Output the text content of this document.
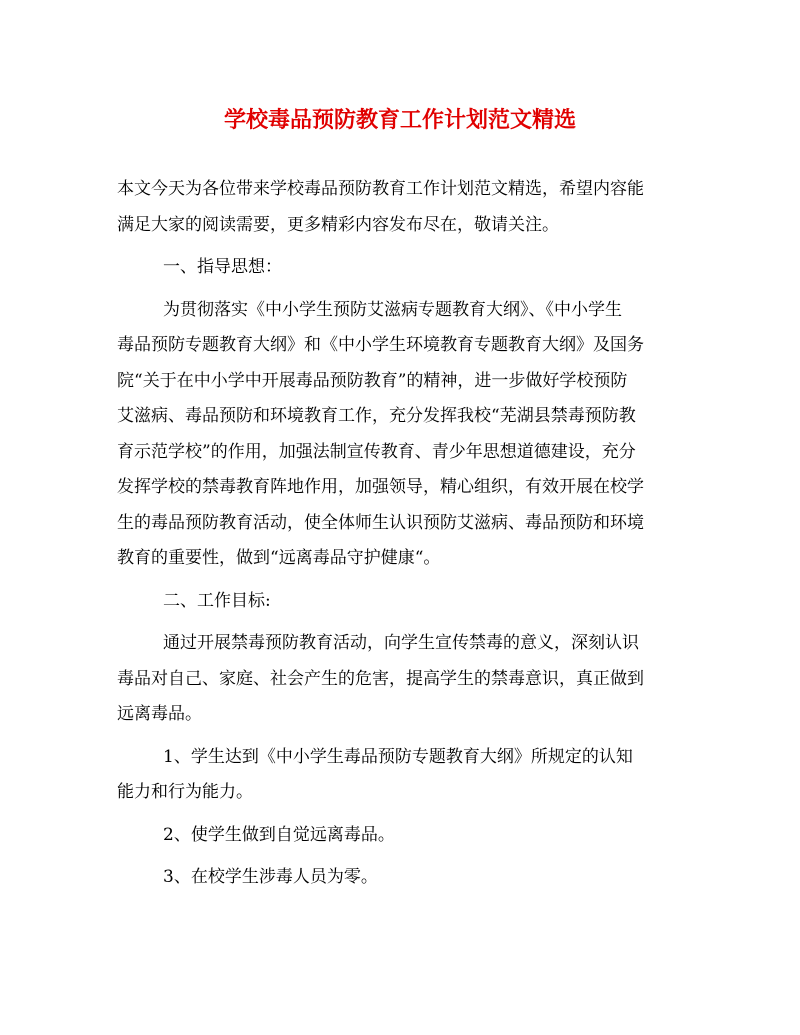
学校毒品预防教育工作计划范文精选

本文今天为各位带来学校毒品预防教育工作计划范文精选，希望内容能

满足大家的阅读需要，更多精彩内容发布尽在，敬请关注。

一、指导思想：

为贯彻落实《中小学生预防艾滋病专题教育大纲》、《中小学生

毒品预防专题教育大纲》和《中小学生环境教育专题教育大纲》及国务

院“关于在中小学中开展毒品预防教育”的精神，进一步做好学校预防

艾滋病、毒品预防和环境教育工作，充分发挥我校“芜湖县禁毒预防教

育示范学校”的作用，加强法制宣传教育、青少年思想道德建设，充分

发挥学校的禁毒教育阵地作用，加强领导，精心组织，有效开展在校学

生的毒品预防教育活动，使全体师生认识预防艾滋病、毒品预防和环境

教育的重要性，做到“远离毒品守护健康“。

二、工作目标:

通过开展禁毒预防教育活动，向学生宣传禁毒的意义，深刻认识

毒品对自己、家庭、社会产生的危害，提高学生的禁毒意识，真正做到

远离毒品。

1、学生达到《中小学生毒品预防专题教育大纲》所规定的认知

能力和行为能力。

2、使学生做到自觉远离毒品。

3、在校学生涉毒人员为零。
